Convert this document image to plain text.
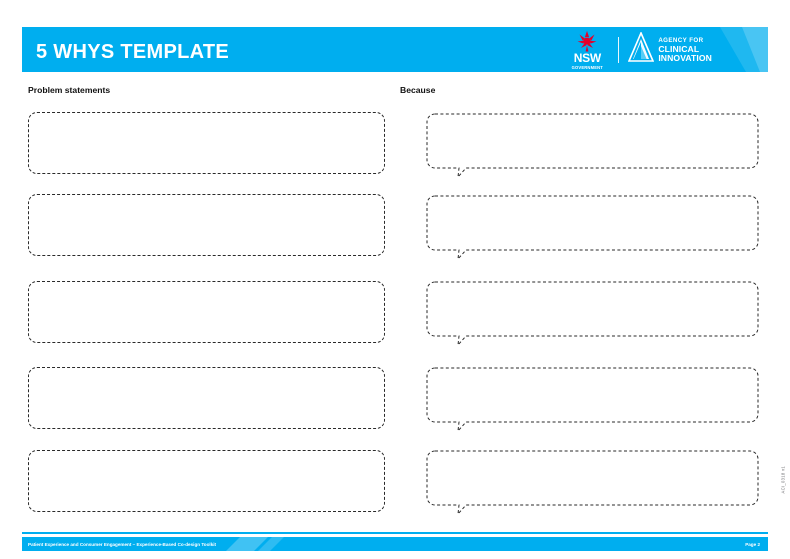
NSW
GOVERNMENT
AGENCY FOR
CLINICAL
INNOVATION
5 WHYS TEMPLATE
Problem statements	Because
ACI_0318 v1
Patient Experience and Consumer Engagement – Experience-Based Co-design Toolkit	Page 2
